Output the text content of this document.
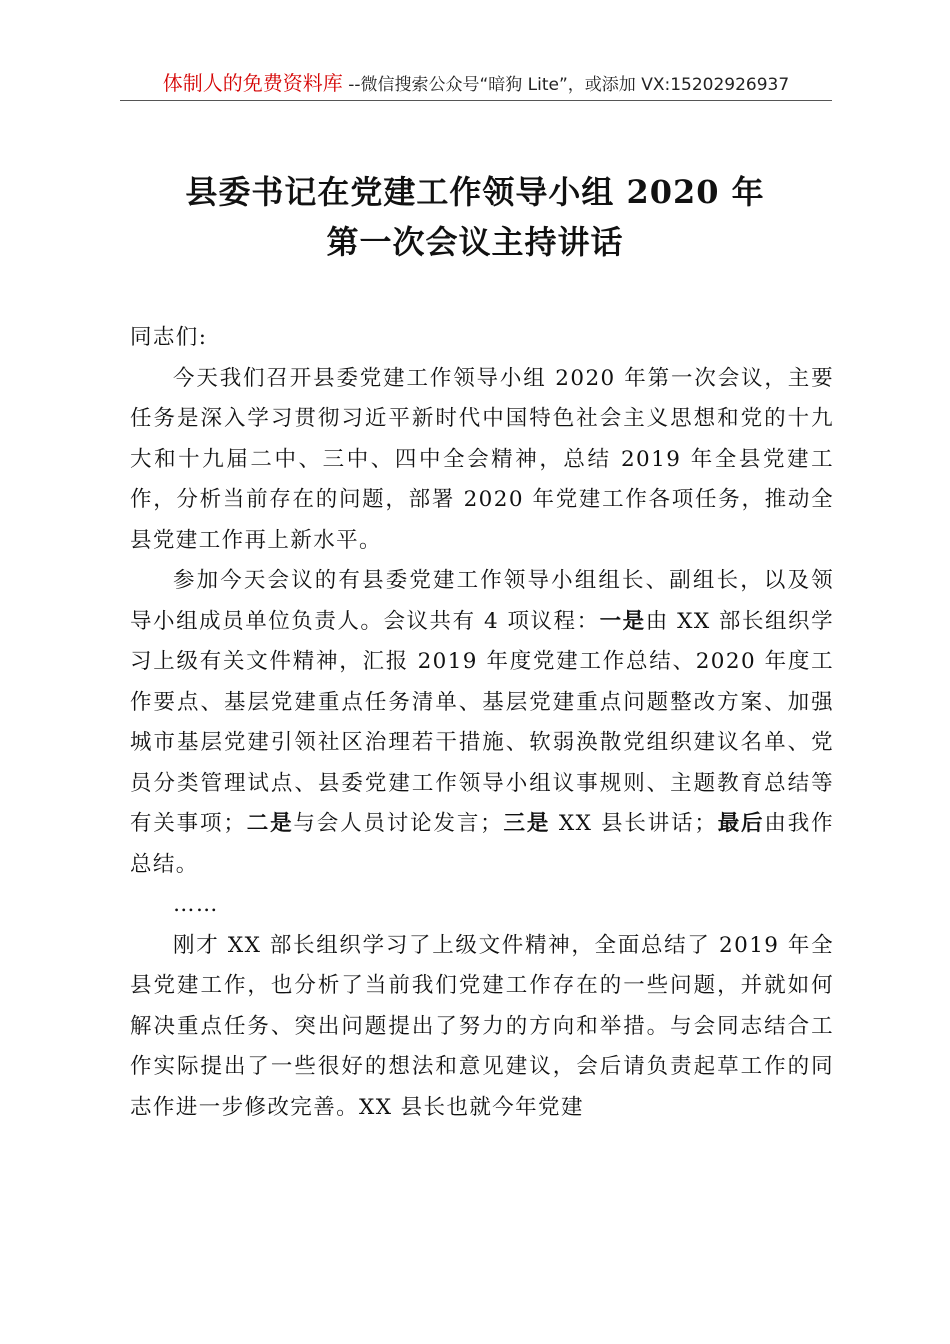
体制人的免费资料库 --微信搜索公众号“暗狗 Lite”，或添加 VX:15202926937
县委书记在党建工作领导小组 2020 年
第一次会议主持讲话

同志们:

今天我们召开县委党建工作领导小组 2020 年第一次会议，主要任务是深入学习贯彻习近平新时代中国特色社会主义思想和党的十九大和十九届二中、三中、四中全会精神，总结 2019 年全县党建工作，分析当前存在的问题，部署 2020 年党建工作各项任务，推动全县党建工作再上新水平。

参加今天会议的有县委党建工作领导小组组长、副组长，以及领导小组成员单位负责人。会议共有 4 项议程：一是由 XX 部长组织学习上级有关文件精神，汇报 2019 年度党建工作总结、2020 年度工作要点、基层党建重点任务清单、基层党建重点问题整改方案、加强城市基层党建引领社区治理若干措施、软弱涣散党组织建议名单、党员分类管理试点、县委党建工作领导小组议事规则、主题教育总结等有关事项；二是与会人员讨论发言；三是 XX 县长讲话；最后由我作总结。

……

刚才 XX 部长组织学习了上级文件精神，全面总结了 2019 年全县党建工作，也分析了当前我们党建工作存在的一些问题，并就如何解决重点任务、突出问题提出了努力的方向和举措。与会同志结合工作实际提出了一些很好的想法和意见建议，会后请负责起草工作的同志作进一步修改完善。XX 县长也就今年党建
